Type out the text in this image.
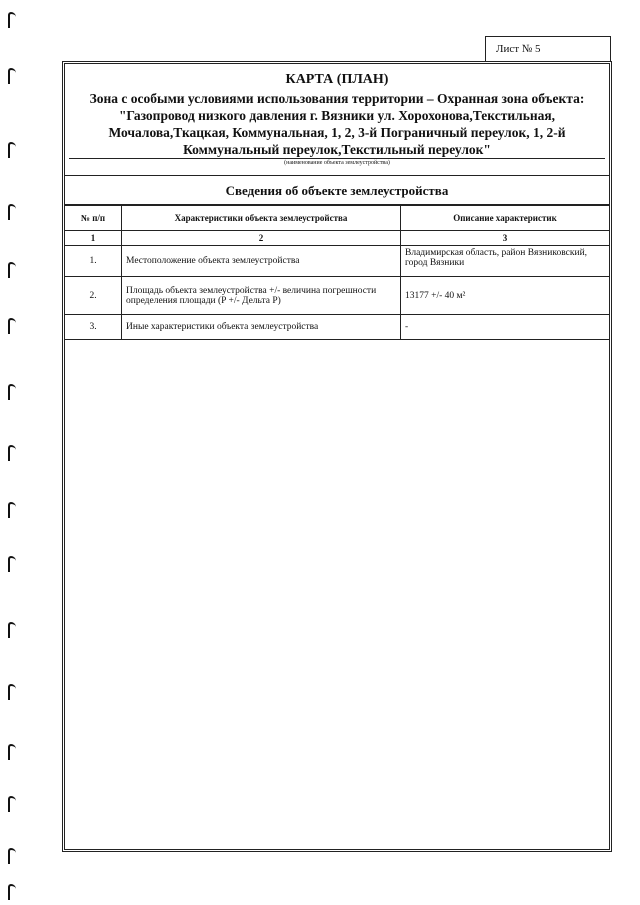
Лист № 5

КАРТА (ПЛАН)

Зона с особыми условиями использования территории – Охранная зона объекта: "Газопровод низкого давления г. Вязники ул. Хорохонова,Текстильная, Мочалова,Ткацкая, Коммунальная, 1, 2, 3-й Пограничный переулок, 1, 2-й Коммунальный переулок,Текстильный переулок"

(наименование объекта землеустройства)
Сведения об объекте землеустройства
№ п/п	Характеристики объекта землеустройства	Описание характеристик
1	2	3
1.	Местоположение объекта землеустройства	Владимирская область, район Вязниковский, город Вязники
2.	Площадь объекта землеустройства +/- величина погрешности определения площади (P +/- Дельта P)	13177 +/- 40 м²
3.	Иные характеристики объекта землеустройства	-
